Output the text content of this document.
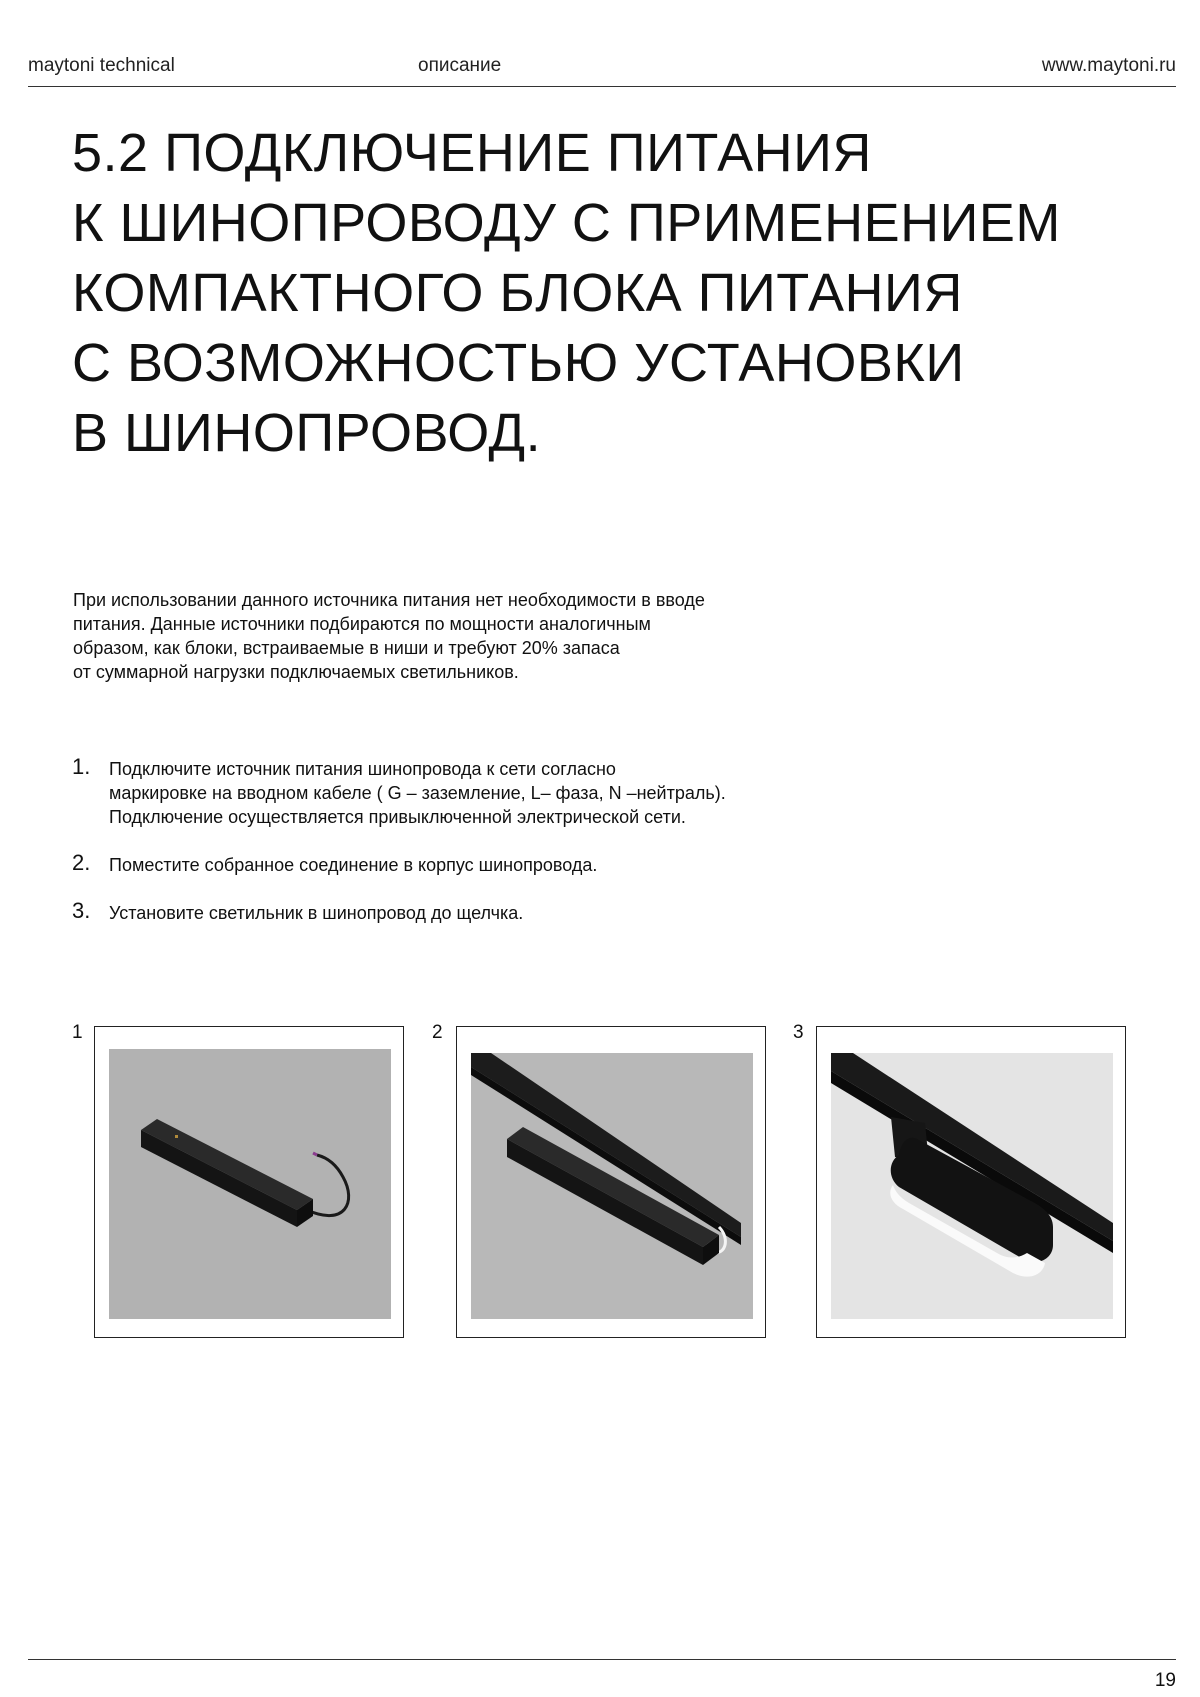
maytoni technical	описание	www.maytoni.ru
5.2 ПОДКЛЮЧЕНИЕ ПИТАНИЯ
К ШИНОПРОВОДУ С ПРИМЕНЕНИЕМ
КОМПАКТНОГО БЛОКА ПИТАНИЯ
С ВОЗМОЖНОСТЬЮ УСТАНОВКИ
В ШИНОПРОВОД.

При использовании данного источника питания нет необходимости в вводе
питания. Данные источники подбираются по мощности аналогичным
образом, как блоки, встраиваемые в ниши и требуют 20% запаса
от суммарной нагрузки подключаемых светильников.

1. Подключите источник питания шинопровода к сети согласно
маркировке на вводном кабеле ( G – заземление, L– фаза, N –нейтраль).
Подключение осуществляется привыключенной электрической сети.
2. Поместите собранное соединение в корпус шинопровода.
3. Установите светильник в шинопровод до щелчка.
1	2	3
19
